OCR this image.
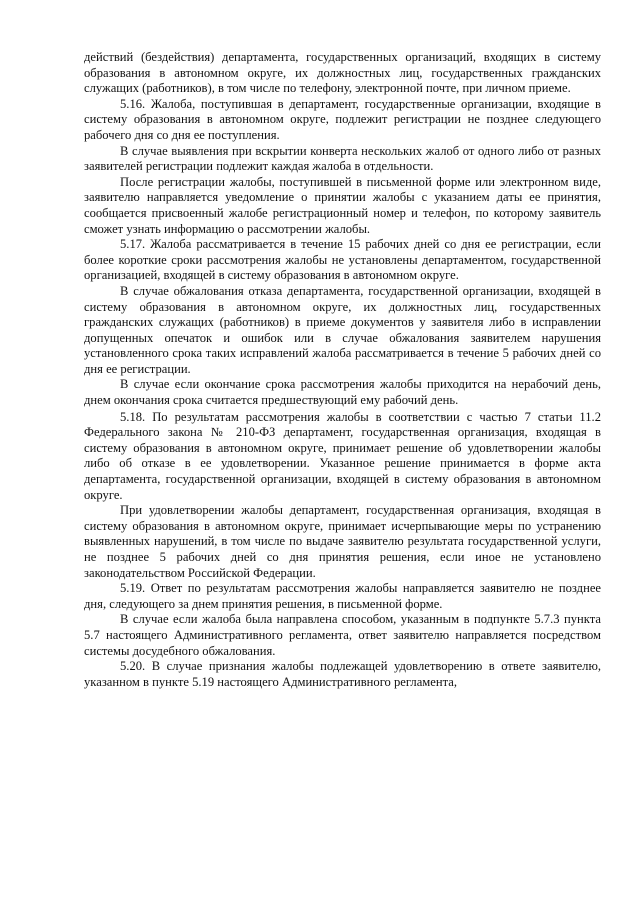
действий (бездействия) департамента, государственных организаций, входящих в систему образования в автономном округе, их должностных лиц, государственных гражданских служащих (работников), в том числе по телефону, электронной почте, при личном приеме.

5.16. Жалоба, поступившая в департамент, государственные организации, входящие в систему образования в автономном округе, подлежит регистрации не позднее следующего рабочего дня со дня ее поступления.

В случае выявления при вскрытии конверта нескольких жалоб от одного либо от разных заявителей регистрации подлежит каждая жалоба в отдельности.

После регистрации жалобы, поступившей в письменной форме или электронном виде, заявителю направляется уведомление о принятии жалобы с указанием даты ее принятия, сообщается присвоенный жалобе регистрационный номер и телефон, по которому заявитель сможет узнать информацию о рассмотрении жалобы.

5.17. Жалоба рассматривается в течение 15 рабочих дней со дня ее регистрации, если более короткие сроки рассмотрения жалобы не установлены департаментом, государственной организацией, входящей в систему образования в автономном округе.

В случае обжалования отказа департамента, государственной организации, входящей в систему образования в автономном округе, их должностных лиц, государственных гражданских служащих (работников) в приеме документов у заявителя либо в исправлении допущенных опечаток и ошибок или в случае обжалования заявителем нарушения установленного срока таких исправлений жалоба рассматривается в течение 5 рабочих дней со дня ее регистрации.

В случае если окончание срока рассмотрения жалобы приходится на нерабочий день, днем окончания срока считается предшествующий ему рабочий день.

5.18. По результатам рассмотрения жалобы в соответствии с частью 7 статьи 11.2 Федерального закона № 210-ФЗ департамент, государственная организация, входящая в систему образования в автономном округе, принимает решение об удовлетворении жалобы либо об отказе в ее удовлетворении. Указанное решение принимается в форме акта департамента, государственной организации, входящей в систему образования в автономном округе.

При удовлетворении жалобы департамент, государственная организация, входящая в систему образования в автономном округе, принимает исчерпывающие меры по устранению выявленных нарушений, в том числе по выдаче заявителю результата государственной услуги, не позднее 5 рабочих дней со дня принятия решения, если иное не установлено законодательством Российской Федерации.

5.19. Ответ по результатам рассмотрения жалобы направляется заявителю не позднее дня, следующего за днем принятия решения, в письменной форме.

В случае если жалоба была направлена способом, указанным в подпункте 5.7.3 пункта 5.7 настоящего Административного регламента, ответ заявителю направляется посредством системы досудебного обжалования.

5.20. В случае признания жалобы подлежащей удовлетворению в ответе заявителю, указанном в пункте 5.19 настоящего Административного регламента,
